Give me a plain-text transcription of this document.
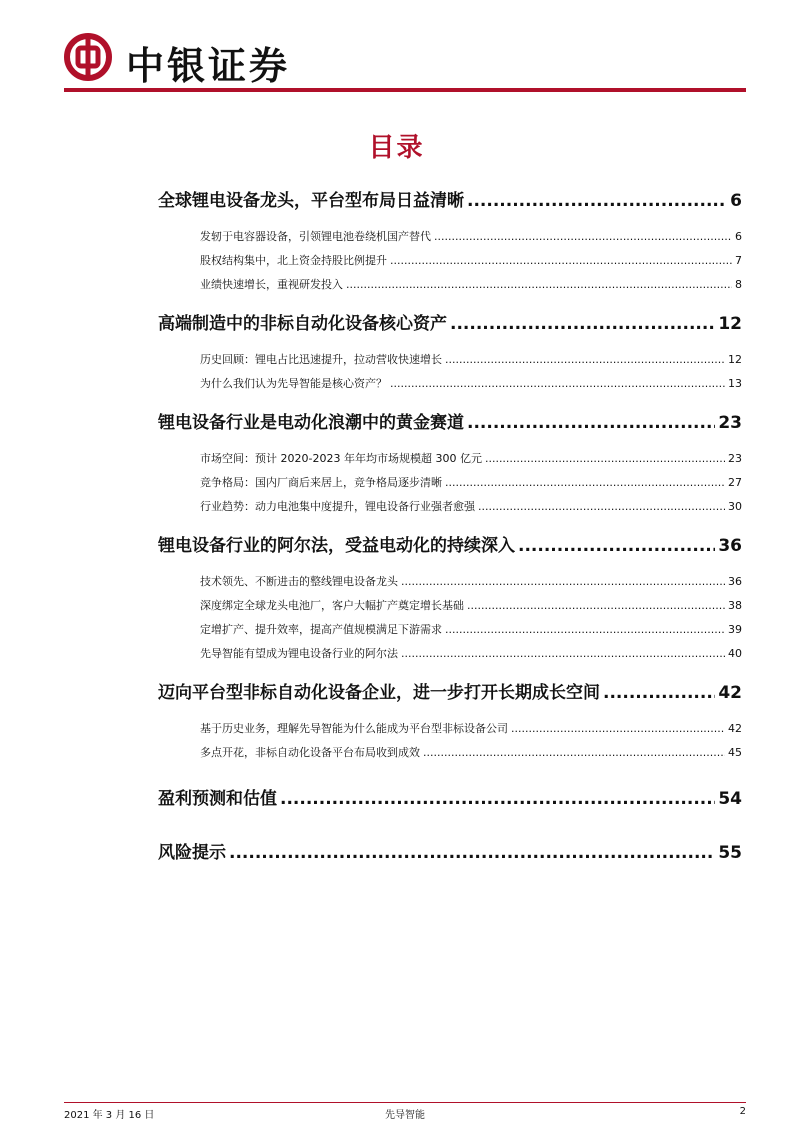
中银证券
目录
全球锂电设备龙头，平台型布局日益清晰 .....	6
发轫于电容器设备，引领锂电池卷绕机国产替代 .....	6
股权结构集中，北上资金持股比例提升 .....	7
业绩快速增长，重视研发投入 .....	8
高端制造中的非标自动化设备核心资产 .....	12
历史回顾：锂电占比迅速提升，拉动营收快速增长 .....	12
为什么我们认为先导智能是核心资产？ .....	13
锂电设备行业是电动化浪潮中的黄金赛道 .....	23
市场空间：预计 2020-2023 年年均市场规模超 300 亿元 .....	23
竞争格局：国内厂商后来居上，竞争格局逐步清晰 .....	27
行业趋势：动力电池集中度提升，锂电设备行业强者愈强 .....	30
锂电设备行业的阿尔法，受益电动化的持续深入 .....	36
技术领先、不断进击的整线锂电设备龙头 .....	36
深度绑定全球龙头电池厂，客户大幅扩产奠定增长基础 .....	38
定增扩产、提升效率，提高产值规模满足下游需求 .....	39
先导智能有望成为锂电设备行业的阿尔法 .....	40
迈向平台型非标自动化设备企业，进一步打开长期成长空间 .....	42
基于历史业务，理解先导智能为什么能成为平台型非标设备公司 .....	42
多点开花，非标自动化设备平台布局收到成效 .....	45
盈利预测和估值 .....	54
风险提示 .....	55
2021 年 3 月 16 日	先导智能	2
